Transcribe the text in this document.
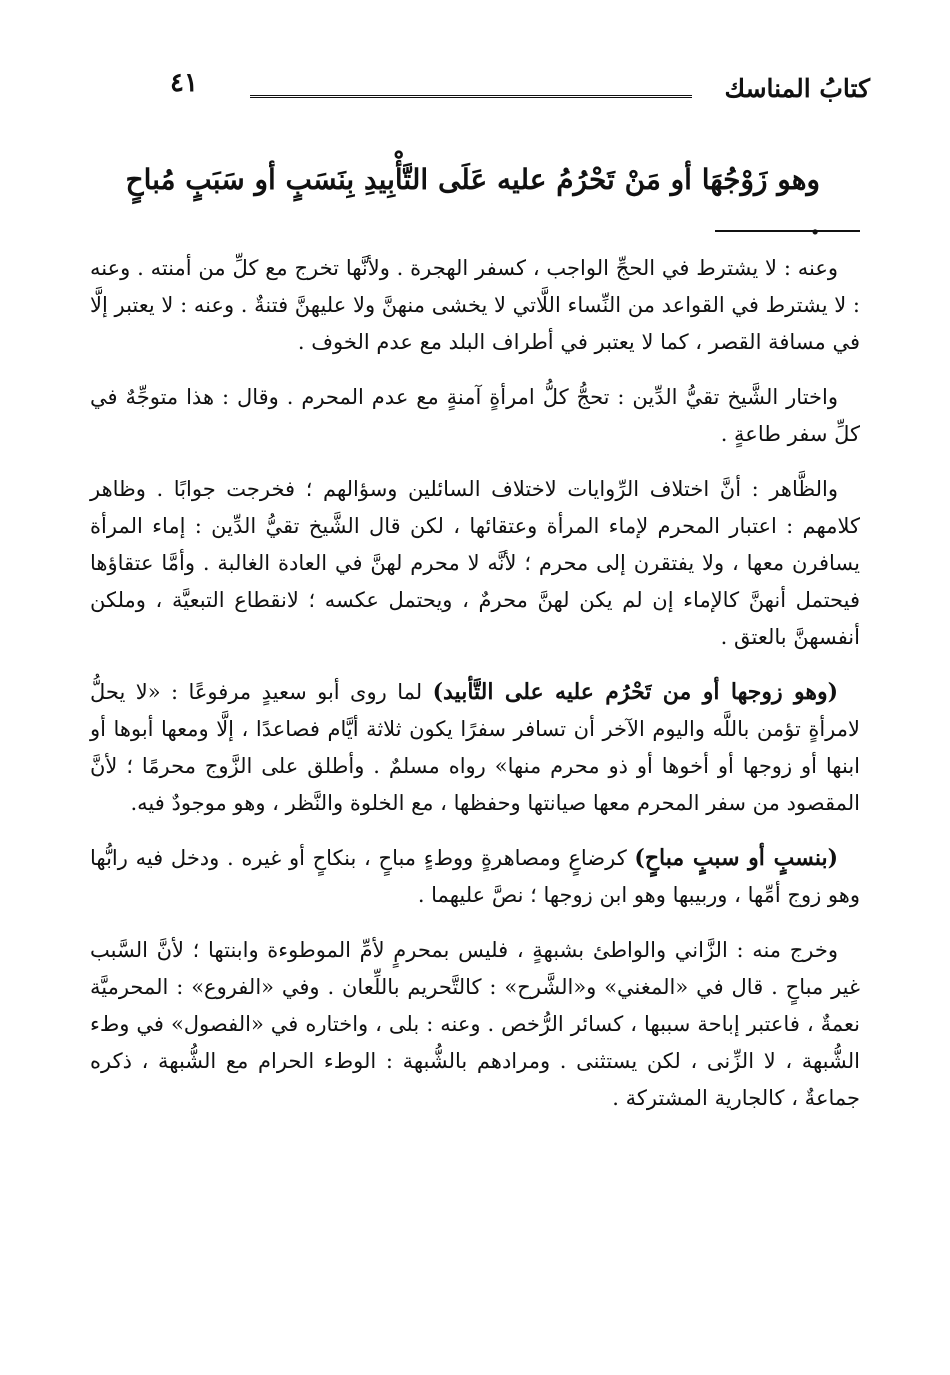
كتابُ المناسك
٤١
وهو زَوْجُهَا أو مَنْ تَحْرُمُ عليه عَلَى التَّأْبِيدِ بِنَسَبٍ أو سَبَبٍ مُباحٍ .

وعنه : لا يشترط في الحجِّ الواجب ، كسفر الهجرة . ولأنَّها تخرج مع كلِّ من أمنته . وعنه : لا يشترط في القواعد من النِّساء اللَّاتي لا يخشى منهنَّ ولا عليهنَّ فتنةٌ . وعنه : لا يعتبر إلَّا في مسافة القصر ، كما لا يعتبر في أطراف البلد مع عدم الخوف .

واختار الشَّيخ تقيُّ الدِّين : تحجُّ كلُّ امرأةٍ آمنةٍ مع عدم المحرم . وقال : هذا متوجِّهٌ في كلِّ سفر طاعةٍ .

والظَّاهر : أنَّ اختلاف الرِّوايات لاختلاف السائلين وسؤالهم ؛ فخرجت جوابًا . وظاهر كلامهم : اعتبار المحرم لإماء المرأة وعتقائها ، لكن قال الشَّيخ تقيُّ الدِّين : إماء المرأة يسافرن معها ، ولا يفتقرن إلى محرم ؛ لأنَّه لا محرم لهنَّ في العادة الغالبة . وأمَّا عتقاؤها فيحتمل أنهنَّ كالإماء إن لم يكن لهنَّ محرمٌ ، ويحتمل عكسه ؛ لانقطاع التبعيَّة ، وملكن أنفسهنَّ بالعتق .

(وهو زوجها أو من تَحْرُم عليه على التَّأبيد) لما روى أبو سعيدٍ مرفوعًا : «لا يحلُّ لامرأةٍ تؤمن باللَّه واليوم الآخر أن تسافر سفرًا يكون ثلاثة أيَّام فصاعدًا ، إلَّا ومعها أبوها أو ابنها أو زوجها أو أخوها أو ذو محرم منها» رواه مسلمٌ . وأطلق على الزَّوج محرمًا ؛ لأنَّ المقصود من سفر المحرم معها صيانتها وحفظها ، مع الخلوة والنَّظر ، وهو موجودٌ فيه.

(بنسبٍ أو سببٍ مباحٍ) كرضاعٍ ومصاهرةٍ ووطءٍ مباحٍ ، بنكاحٍ أو غيره . ودخل فيه رابُّها وهو زوج أمِّها ، وربيبها وهو ابن زوجها ؛ نصَّ عليهما .

وخرج منه : الزَّاني والواطئ بشبهةٍ ، فليس بمحرمٍ لأمِّ الموطوءة وابنتها ؛ لأنَّ السَّبب غير مباحٍ . قال في «المغني» و«الشَّرح» : كالتَّحريم باللِّعان . وفي «الفروع» : المحرميَّة نعمةٌ ، فاعتبر إباحة سببها ، كسائر الرُّخص . وعنه : بلى ، واختاره في «الفصول» في وطء الشُّبهة ، لا الزِّنى ، لكن يستثنى . ومرادهم بالشُّبهة : الوطء الحرام مع الشُّبهة ، ذكره جماعةٌ ، كالجارية المشتركة .
